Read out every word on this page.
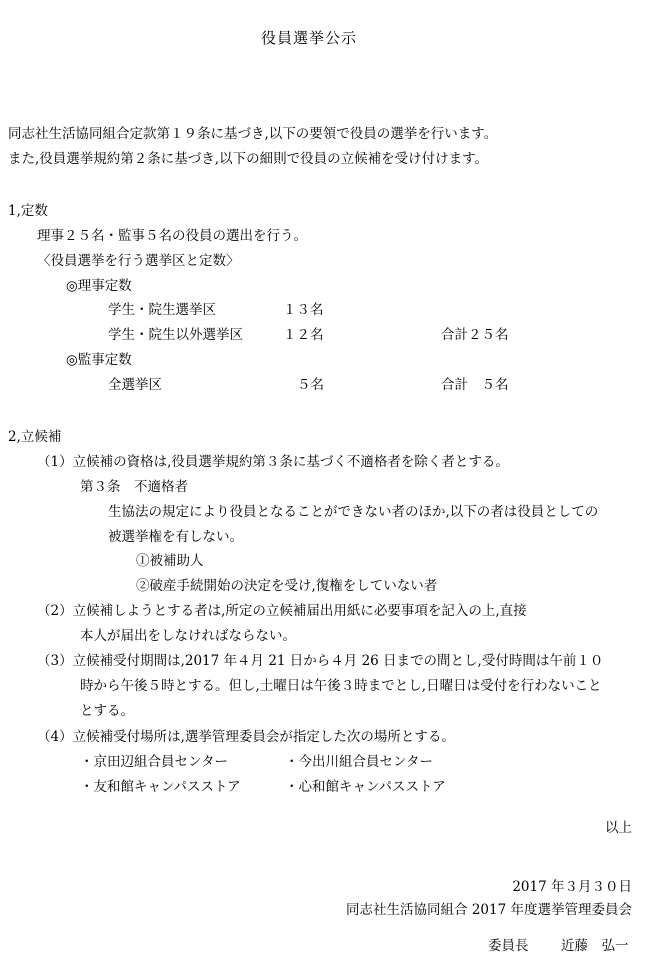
役員選挙公示
同志社生活協同組合定款第１９条に基づき,以下の要領で役員の選挙を行います。
また,役員選挙規約第２条に基づき,以下の細則で役員の立候補を受け付けます。
1,定数
理事２５名・監事５名の役員の選出を行う。
〈役員選挙を行う選挙区と定数〉
◎理事定数
学生・院生選挙区	１３名
学生・院生以外選挙区	１２名	合計２５名
◎監事定数
全選挙区	５名	合計　５名
2,立候補
（1）立候補の資格は,役員選挙規約第３条に基づく不適格者を除く者とする。
第３条　不適格者
生協法の規定により役員となることができない者のほか,以下の者は役員としての
被選挙権を有しない。
①被補助人
②破産手続開始の決定を受け,復権をしていない者
（2）立候補しようとする者は,所定の立候補届出用紙に必要事項を記入の上,直接
本人が届出をしなければならない。
（3）立候補受付期間は,2017 年４月 21 日から４月 26 日までの間とし,受付時間は午前１０
時から午後５時とする。但し,土曜日は午後３時までとし,日曜日は受付を行わないこと
とする。
（4）立候補受付場所は,選挙管理委員会が指定した次の場所とする。
・京田辺組合員センター	・今出川組合員センター
・友和館キャンパスストア	・心和館キャンパスストア
以上
2017 年３月３０日
同志社生活協同組合 2017 年度選挙管理委員会
委員長 近藤　弘一
